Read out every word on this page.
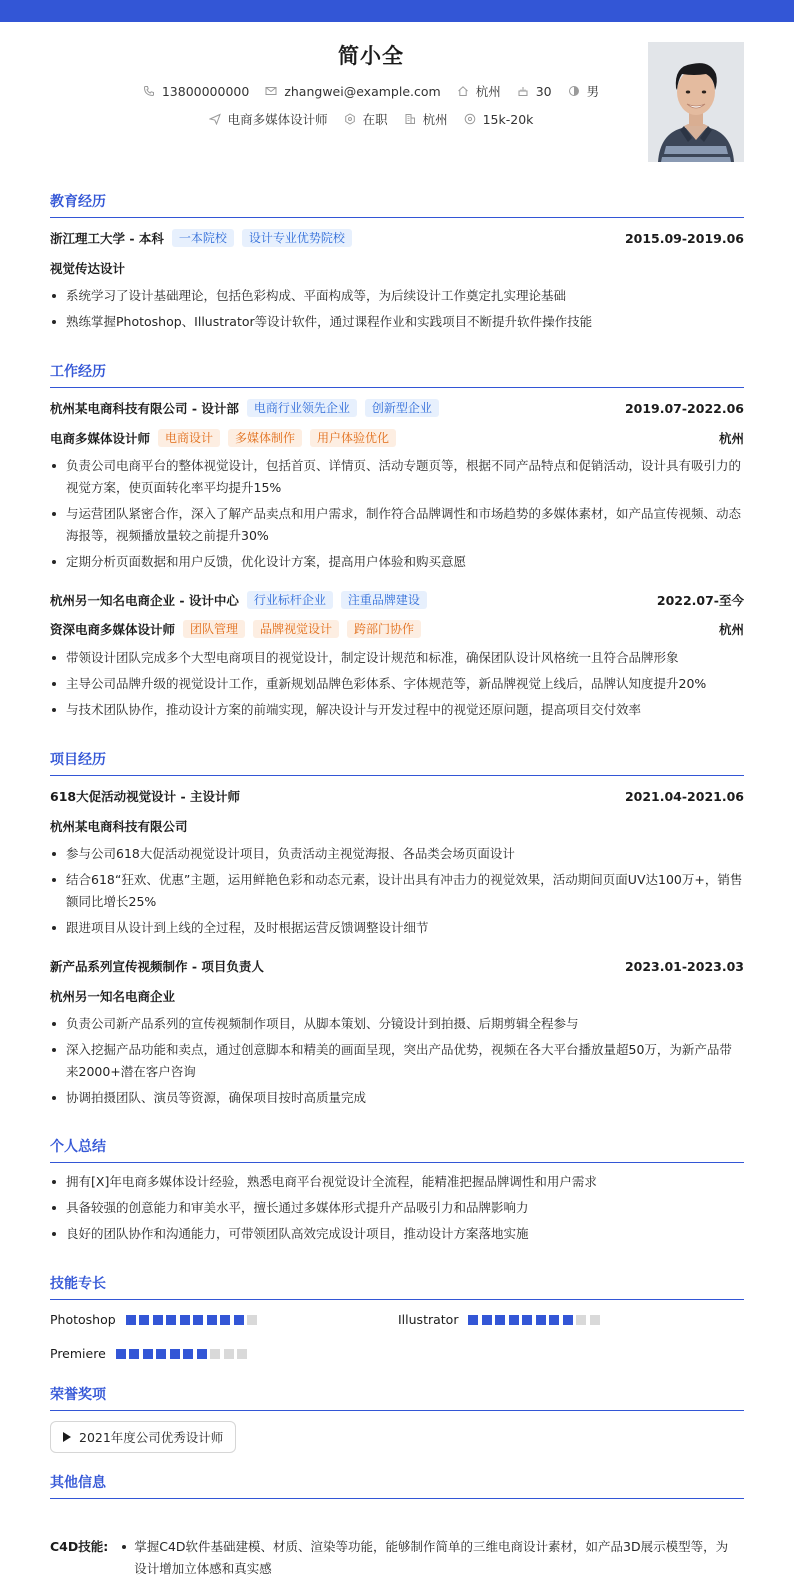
简小全
13800000000	zhangwei@example.com	杭州	30	男
电商多媒体设计师	在职	杭州	15k-20k
教育经历
浙江理工大学 - 本科	一本院校	设计专业优势院校	2015.09-2019.06
视觉传达设计
系统学习了设计基础理论，包括色彩构成、平面构成等，为后续设计工作奠定扎实理论基础
熟练掌握Photoshop、Illustrator等设计软件，通过课程作业和实践项目不断提升软件操作技能
工作经历
杭州某电商科技有限公司 - 设计部	电商行业领先企业	创新型企业	2019.07-2022.06
电商多媒体设计师	电商设计	多媒体制作	用户体验优化	杭州
负责公司电商平台的整体视觉设计，包括首页、详情页、活动专题页等，根据不同产品特点和促销活动，设计具有吸引力的视觉方案，使页面转化率平均提升15%
与运营团队紧密合作，深入了解产品卖点和用户需求，制作符合品牌调性和市场趋势的多媒体素材，如产品宣传视频、动态海报等，视频播放量较之前提升30%
定期分析页面数据和用户反馈，优化设计方案，提高用户体验和购买意愿
杭州另一知名电商企业 - 设计中心	行业标杆企业	注重品牌建设	2022.07-至今
资深电商多媒体设计师	团队管理	品牌视觉设计	跨部门协作	杭州
带领设计团队完成多个大型电商项目的视觉设计，制定设计规范和标准，确保团队设计风格统一且符合品牌形象
主导公司品牌升级的视觉设计工作，重新规划品牌色彩体系、字体规范等，新品牌视觉上线后，品牌认知度提升20%
与技术团队协作，推动设计方案的前端实现，解决设计与开发过程中的视觉还原问题，提高项目交付效率
项目经历
618大促活动视觉设计 - 主设计师	2021.04-2021.06
杭州某电商科技有限公司
参与公司618大促活动视觉设计项目，负责活动主视觉海报、各品类会场页面设计
结合618“狂欢、优惠”主题，运用鲜艳色彩和动态元素，设计出具有冲击力的视觉效果，活动期间页面UV达100万+，销售额同比增长25%
跟进项目从设计到上线的全过程，及时根据运营反馈调整设计细节
新产品系列宣传视频制作 - 项目负责人	2023.01-2023.03
杭州另一知名电商企业
负责公司新产品系列的宣传视频制作项目，从脚本策划、分镜设计到拍摄、后期剪辑全程参与
深入挖掘产品功能和卖点，通过创意脚本和精美的画面呈现，突出产品优势，视频在各大平台播放量超50万，为新产品带来2000+潜在客户咨询
协调拍摄团队、演员等资源，确保项目按时高质量完成
个人总结
拥有[X]年电商多媒体设计经验，熟悉电商平台视觉设计全流程，能精准把握品牌调性和用户需求
具备较强的创意能力和审美水平，擅长通过多媒体形式提升产品吸引力和品牌影响力
良好的团队协作和沟通能力，可带领团队高效完成设计项目，推动设计方案落地实施
技能专长
Photoshop	Illustrator
Premiere
荣誉奖项
2021年度公司优秀设计师
其他信息
C4D技能:	掌握C4D软件基础建模、材质、渲染等功能，能够制作简单的三维电商设计素材，如产品3D展示模型等，为设计增加立体感和真实感
